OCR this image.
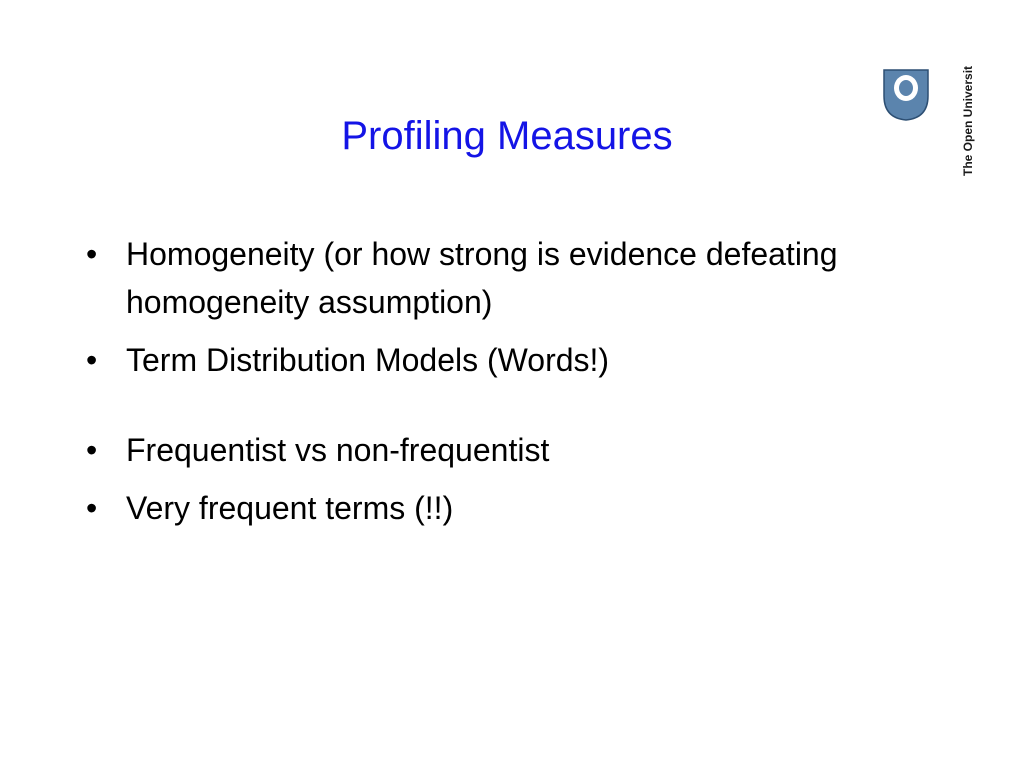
Profiling Measures	The Open University
• Homogeneity (or how strong is evidence defeating homogeneity assumption)
• Term Distribution Models (Words!)
• Frequentist vs non-frequentist
• Very frequent terms (!!)
